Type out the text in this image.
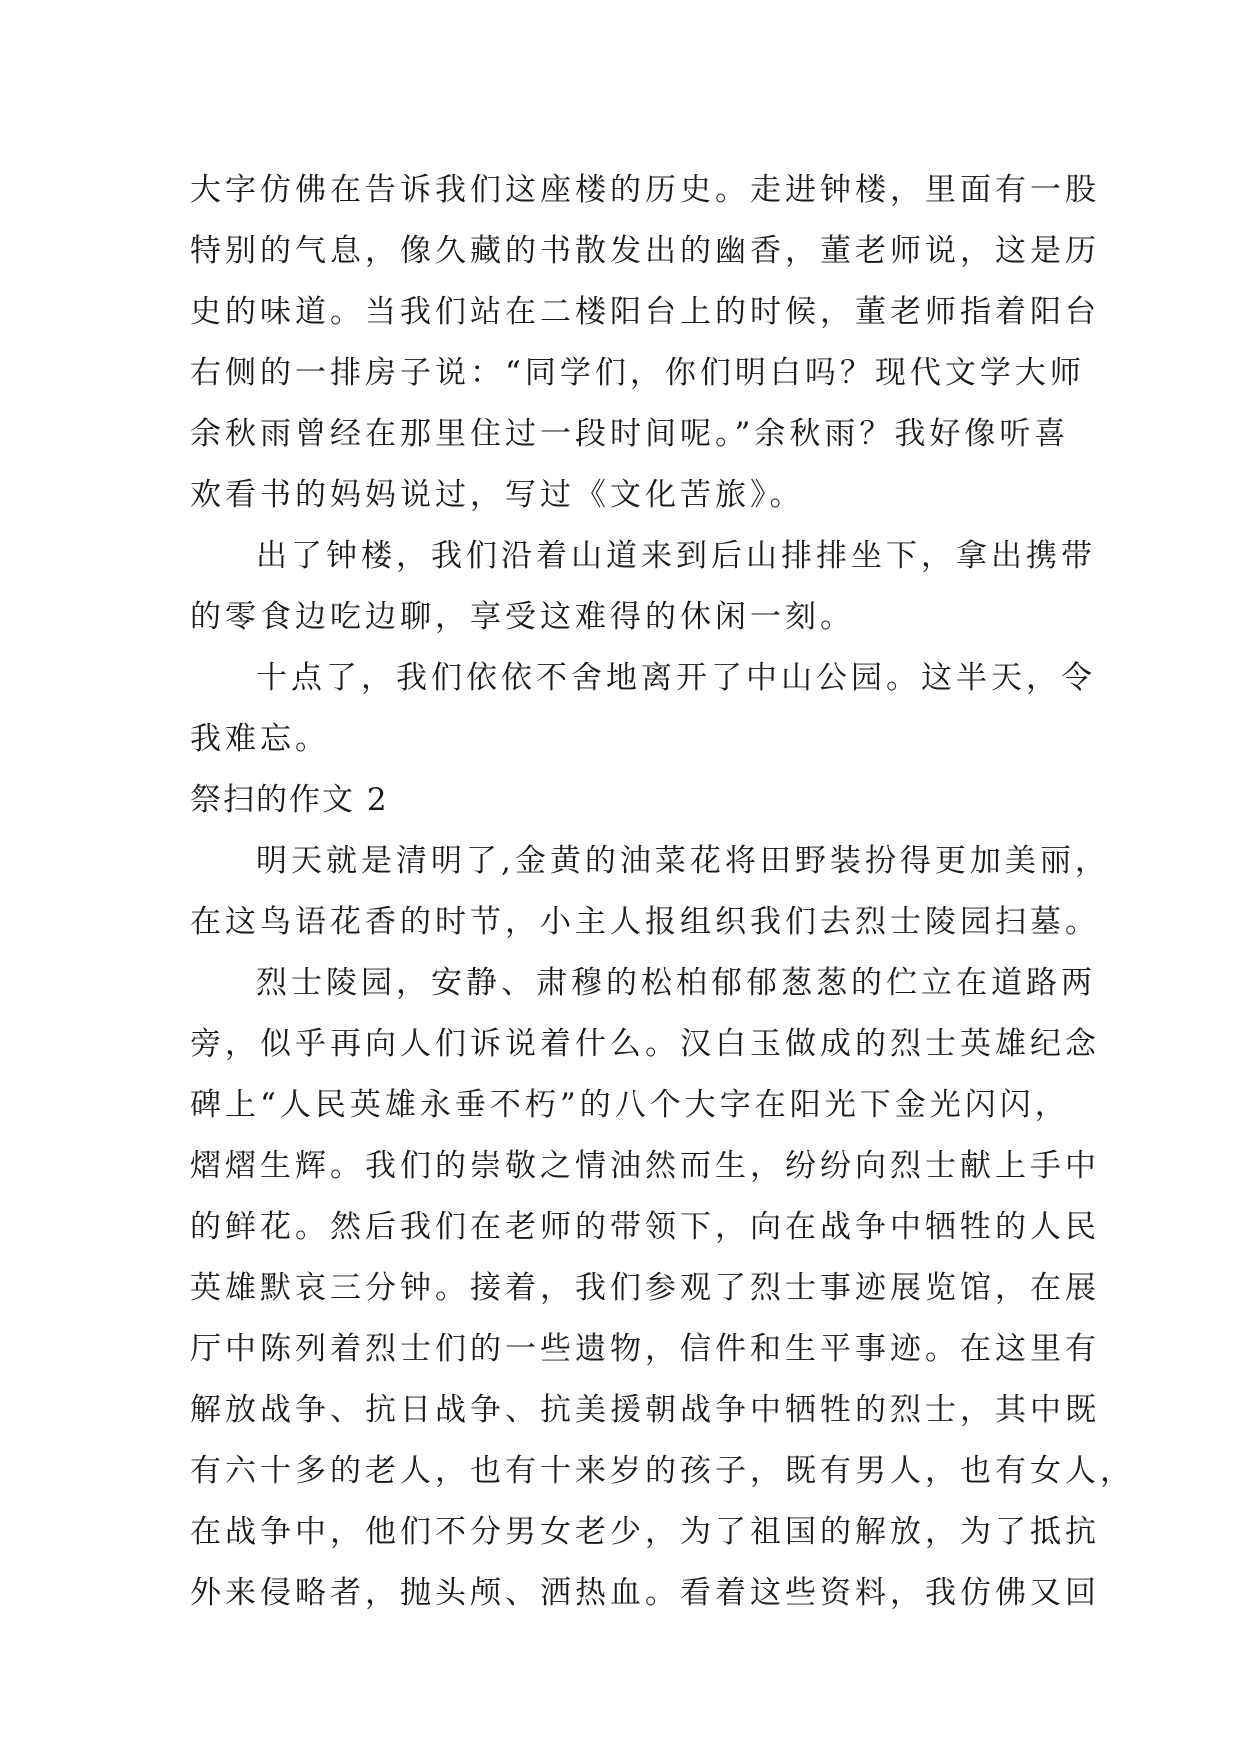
大字仿佛在告诉我们这座楼的历史。走进钟楼，里面有一股
特别的气息，像久藏的书散发出的幽香，董老师说，这是历
史的味道。当我们站在二楼阳台上的时候，董老师指着阳台
右侧的一排房子说：“同学们，你们明白吗？现代文学大师
余秋雨曾经在那里住过一段时间呢。”余秋雨？我好像听喜
欢看书的妈妈说过，写过《文化苦旅》。
出了钟楼，我们沿着山道来到后山排排坐下，拿出携带
的零食边吃边聊，享受这难得的休闲一刻。
十点了，我们依依不舍地离开了中山公园。这半天，令
我难忘。
祭扫的作文 2
明天就是清明了,金黄的油菜花将田野装扮得更加美丽，
在这鸟语花香的时节，小主人报组织我们去烈士陵园扫墓。
烈士陵园，安静、肃穆的松柏郁郁葱葱的伫立在道路两
旁，似乎再向人们诉说着什么。汉白玉做成的烈士英雄纪念
碑上“人民英雄永垂不朽”的八个大字在阳光下金光闪闪，
熠熠生辉。我们的崇敬之情油然而生，纷纷向烈士献上手中
的鲜花。然后我们在老师的带领下，向在战争中牺牲的人民
英雄默哀三分钟。接着，我们参观了烈士事迹展览馆，在展
厅中陈列着烈士们的一些遗物，信件和生平事迹。在这里有
解放战争、抗日战争、抗美援朝战争中牺牲的烈士，其中既
有六十多的老人，也有十来岁的孩子，既有男人，也有女人，
在战争中，他们不分男女老少，为了祖国的解放，为了抵抗
外来侵略者，抛头颅、洒热血。看着这些资料，我仿佛又回
